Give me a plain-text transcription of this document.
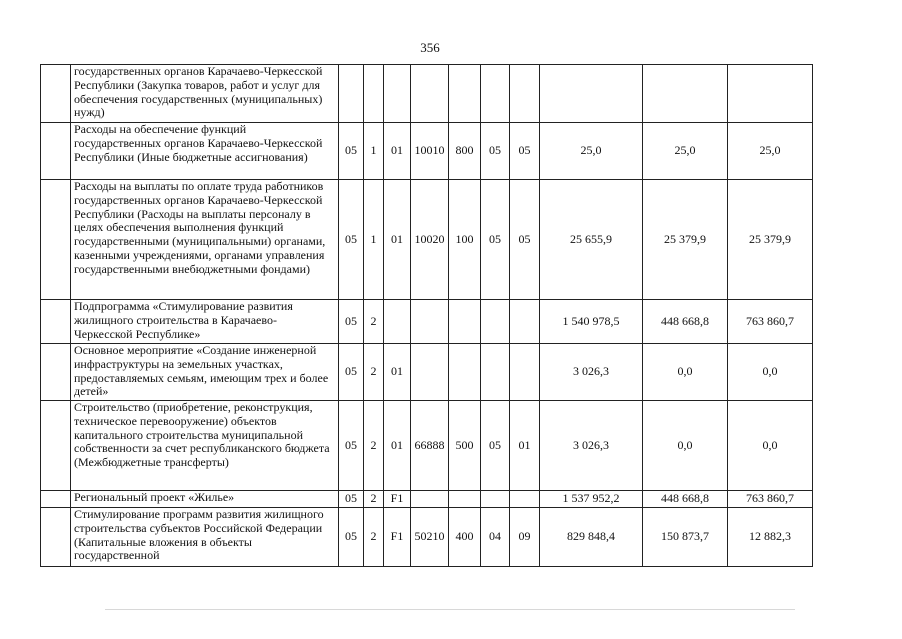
356
	государственных органов Карачаево-Черкесской Республики (Закупка товаров, работ и услуг для обеспечения государственных (муниципальных) нужд)										
	Расходы на обеспечение функций государственных органов Карачаево-Черкесской Республики (Иные бюджетные ассигнования)	05	1	01	10010	800	05	05	25,0	25,0	25,0
	Расходы на выплаты по оплате труда работников государственных органов Карачаево-Черкесской Республики (Расходы на выплаты персоналу в целях обеспечения выполнения функций государственными (муниципальными) органами, казенными учреждениями, органами управления государственными внебюджетными фондами)	05	1	01	10020	100	05	05	25 655,9	25 379,9	25 379,9
	Подпрограмма «Стимулирование развития жилищного строительства в Карачаево-Черкесской Республике»	05	2						1 540 978,5	448 668,8	763 860,7
	Основное мероприятие «Создание инженерной инфраструктуры на земельных участках, предоставляемых семьям, имеющим трех и более детей»	05	2	01					3 026,3	0,0	0,0
	Строительство (приобретение, реконструкция, техническое перевооружение) объектов капитального строительства муниципальной собственности за счет республиканского бюджета (Межбюджетные трансферты)	05	2	01	66888	500	05	01	3 026,3	0,0	0,0
	Региональный проект «Жилье»	05	2	F1					1 537 952,2	448 668,8	763 860,7
	Стимулирование программ развития жилищного строительства субъектов Российской Федерации (Капитальные вложения в объекты государственной	05	2	F1	50210	400	04	09	829 848,4	150 873,7	12 882,3
